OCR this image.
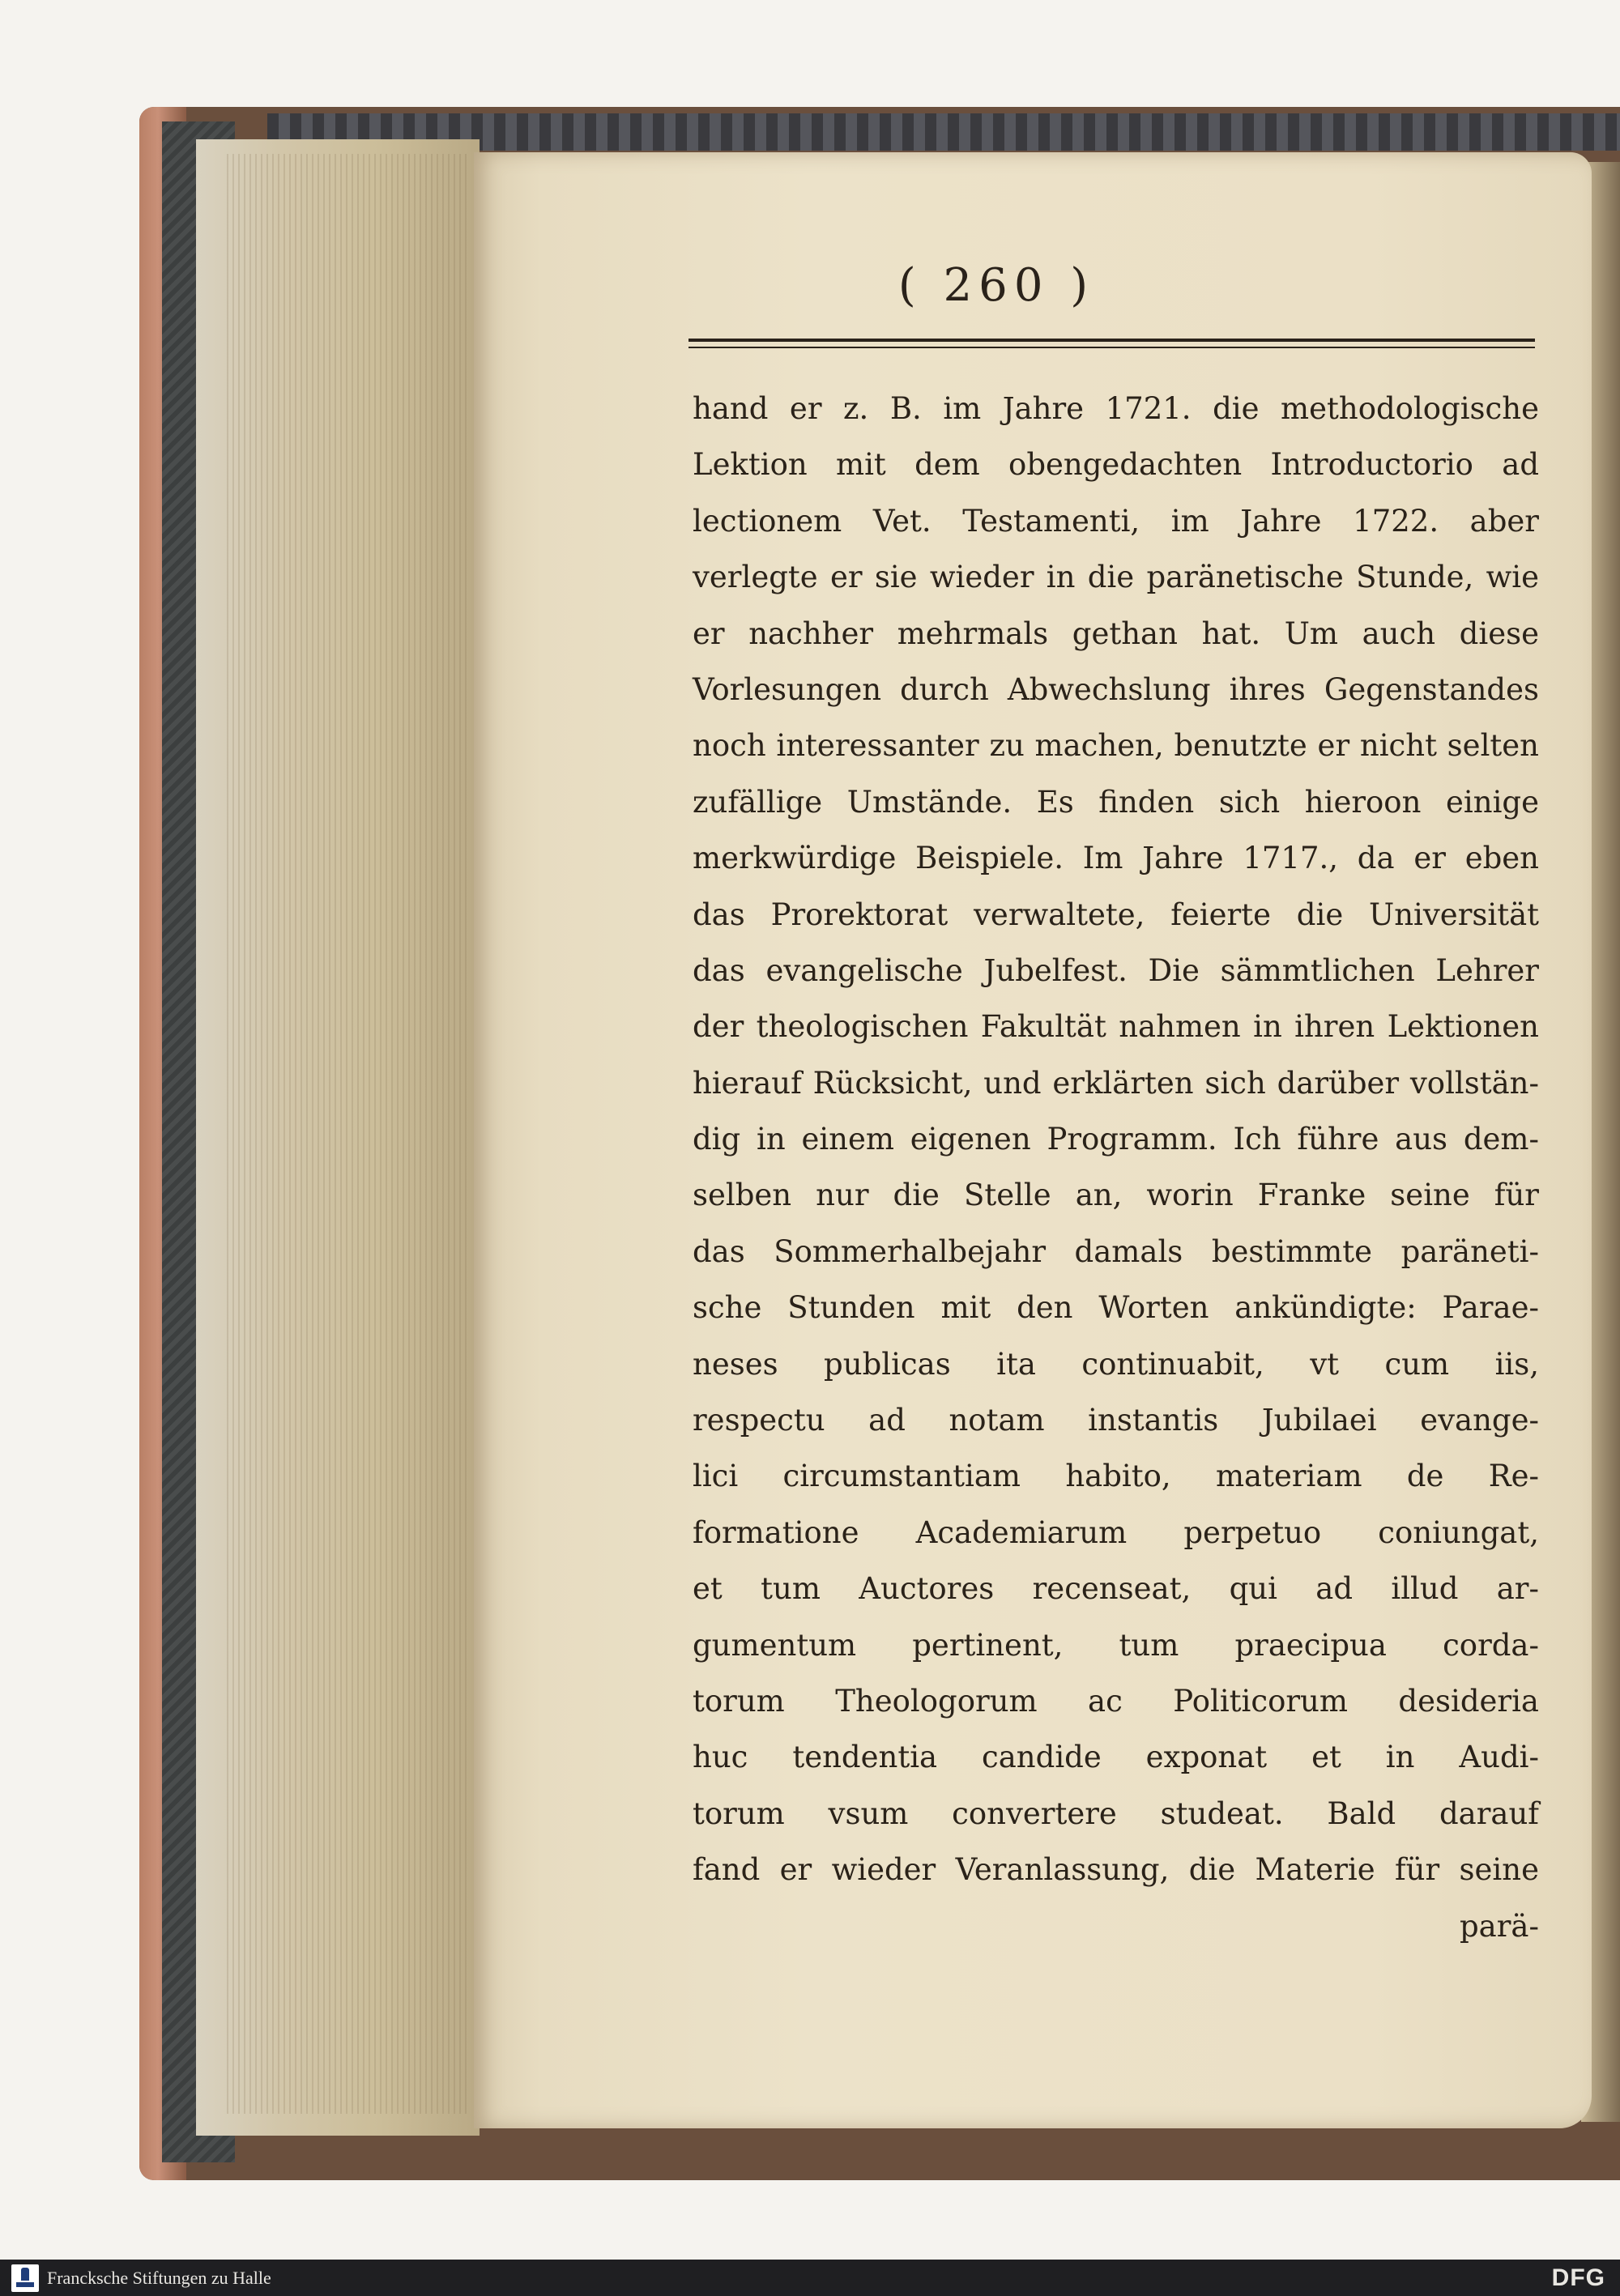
( 260 )
hand er z. B. im Jahre 1721. die methodologische
Lektion mit dem obengedachten Introductorio ad
lectionem Vet. Testamenti, im Jahre 1722. aber
verlegte er sie wieder in die paränetische Stunde, wie
er nachher mehrmals gethan hat. Um auch diese
Vorlesungen durch Abwechslung ihres Gegenstandes
noch interessanter zu machen, benutzte er nicht selten
zufällige Umstände. Es finden sich hieroon einige
merkwürdige Beispiele. Im Jahre 1717., da er eben
das Prorektorat verwaltete, feierte die Universität
das evangelische Jubelfest. Die sämmtlichen Lehrer
der theologischen Fakultät nahmen in ihren Lektionen
hierauf Rücksicht, und erklärten sich darüber vollstän-
dig in einem eigenen Programm. Ich führe aus dem-
selben nur die Stelle an, worin Franke seine für
das Sommerhalbejahr damals bestimmte paräneti-
sche Stunden mit den Worten ankündigte: Parae-
neses publicas ita continuabit, vt cum iis,
respectu ad notam instantis Jubilaei evange-
lici circumstantiam habito, materiam de Re-
formatione Academiarum perpetuo coniungat,
et tum Auctores recenseat, qui ad illud ar-
gumentum pertinent, tum praecipua corda-
torum Theologorum ac Politicorum desideria
huc tendentia candide exponat et in Audi-
torum vsum convertere studeat. Bald darauf
fand er wieder Veranlassung, die Materie für seine
parä-
Francksche Stiftungen zu Halle	DFG
